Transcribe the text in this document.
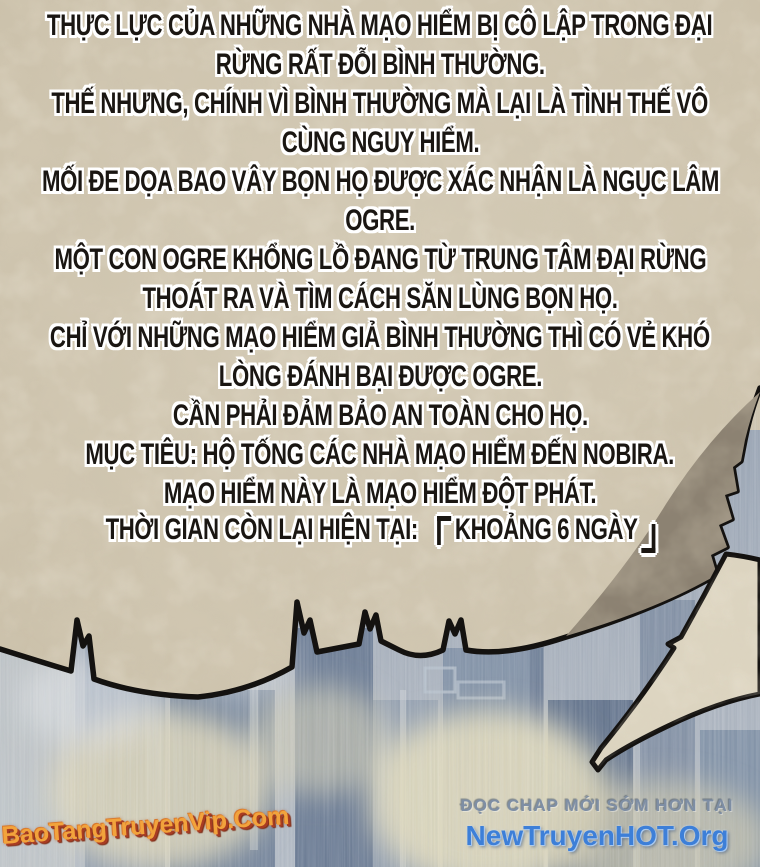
THỰC LỰC CỦA NHỮNG NHÀ MẠO HIỂM BỊ CÔ LẬP TRONG ĐẠI
RỪNG RẤT ĐỖI BÌNH THƯỜNG.
THẾ NHƯNG, CHÍNH VÌ BÌNH THƯỜNG MÀ LẠI LÀ TÌNH THẾ VÔ
CÙNG NGUY HIỂM.
MỐI ĐE DỌA BAO VÂY BỌN HỌ ĐƯỢC XÁC NHẬN LÀ NGỤC LÂM
OGRE.
MỘT CON OGRE KHỔNG LỒ ĐANG TỪ TRUNG TÂM ĐẠI RỪNG
THOÁT RA VÀ TÌM CÁCH SĂN LÙNG BỌN HỌ.
CHỈ VỚI NHỮNG MẠO HIỂM GIẢ BÌNH THƯỜNG THÌ CÓ VẺ KHÓ
LÒNG ĐÁNH BẠI ĐƯỢC OGRE.
CẦN PHẢI ĐẢM BẢO AN TOÀN CHO HỌ.
MỤC TIÊU: HỘ TỐNG CÁC NHÀ MẠO HIỂM ĐẾN NOBIRA.
MẠO HIỂM NÀY LÀ MẠO HIỂM ĐỘT PHÁT.
THỜI GIAN CÒN LẠI HIỆN TẠI: KHOẢNG 6 NGÀY
BaoTangTruyenVip.Com	ĐỌC CHAP MỚI SỚM HƠN TẠI
NewTruyenHOT.Org
